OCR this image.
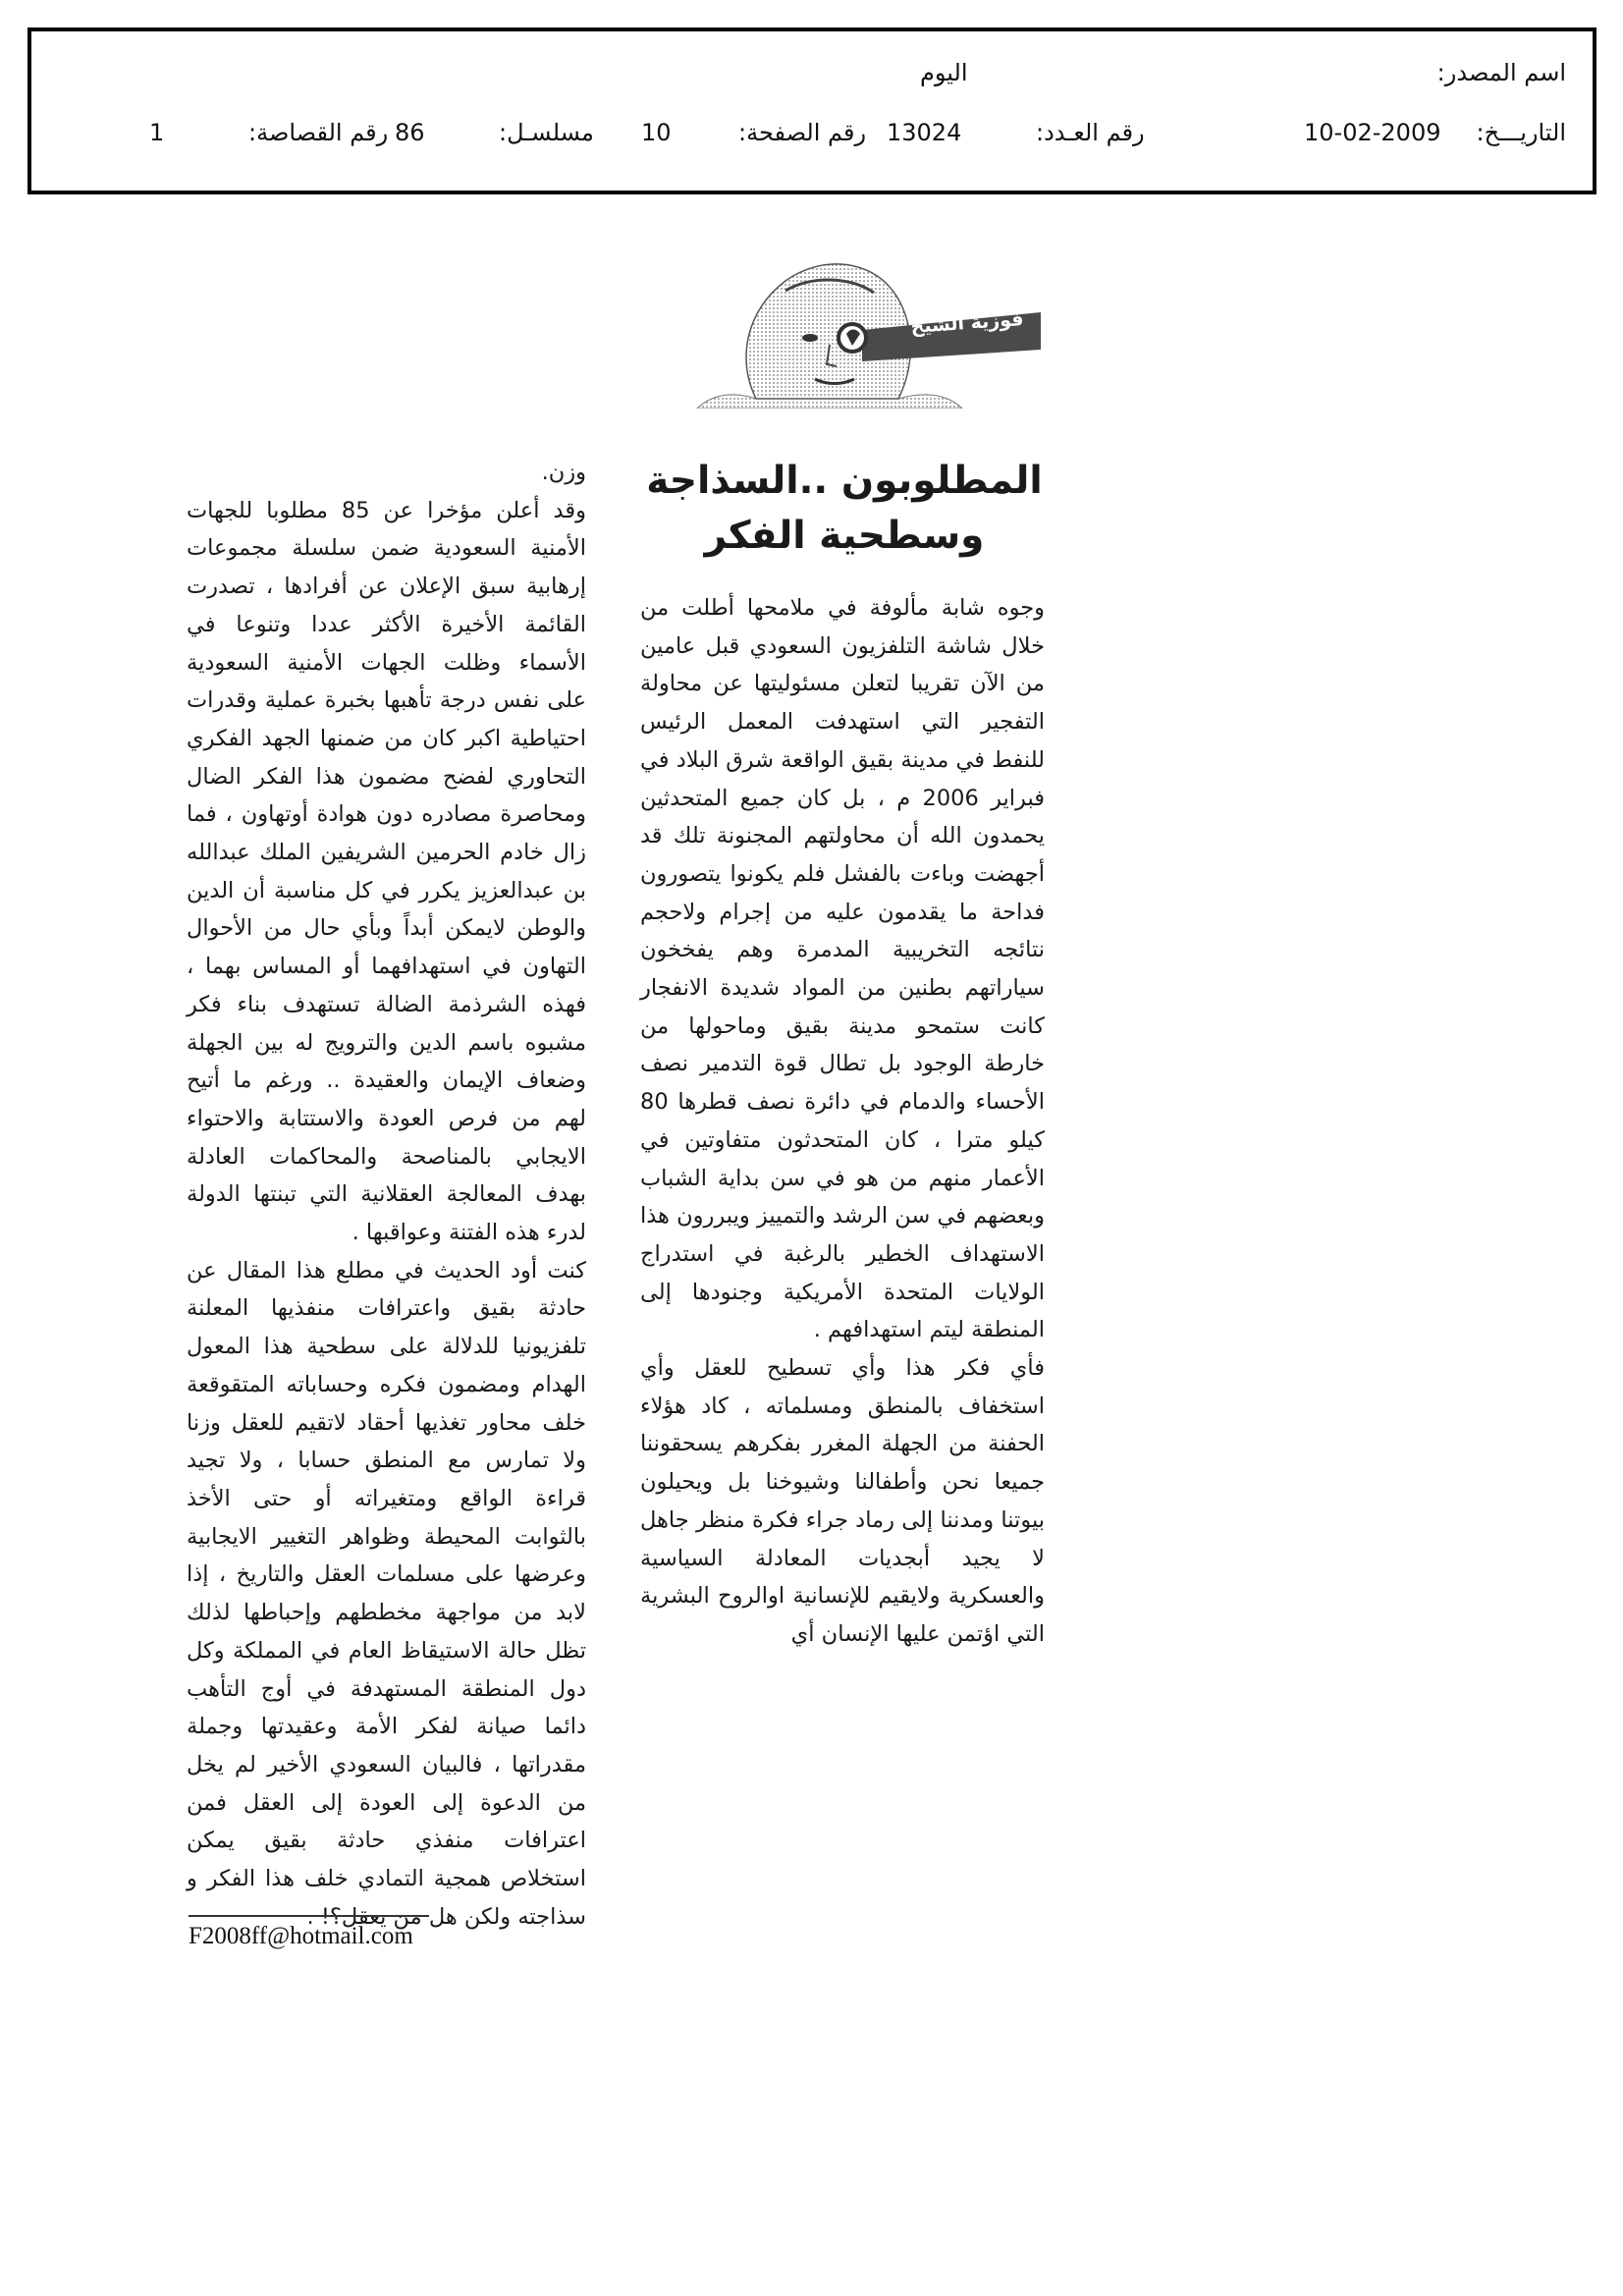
اسم المصدر:
اليوم
التاريـــخ:
10-02-2009
رقم العـدد:
13024
رقم الصفحة:
10
مسلسـل:
86
رقم القصاصة:
1
فوزية الشيخ
المطلوبون ..السذاجة
وسطحية الفكر

وجوه شابة مألوفة في ملامحها أطلت من خلال شاشة التلفزيون السعودي قبل عامين من الآن تقريبا لتعلن مسئوليتها عن محاولة التفجير التي استهدفت المعمل الرئيس للنفط في مدينة بقيق الواقعة شرق البلاد في فبراير 2006 م ، بل كان جميع المتحدثين يحمدون الله أن محاولتهم المجنونة تلك قد أجهضت وباءت بالفشل فلم يكونوا يتصورون فداحة ما يقدمون عليه من إجرام ولاحجم نتائجه التخريبية المدمرة وهم يفخخون سياراتهم بطنين من المواد شديدة الانفجار كانت ستمحو مدينة بقيق وماحولها من خارطة الوجود بل تطال قوة التدمير نصف الأحساء والدمام في دائرة نصف قطرها 80 كيلو مترا ، كان المتحدثون متفاوتين في الأعمار منهم من هو في سن بداية الشباب وبعضهم في سن الرشد والتمييز ويبررون هذا الاستهداف الخطير بالرغبة في استدراج الولايات المتحدة الأمريكية وجنودها إلى المنطقة ليتم استهدافهم .

فأي فكر هذا وأي تسطيح للعقل وأي استخفاف بالمنطق ومسلماته ، كاد هؤلاء الحفنة من الجهلة المغرر بفكرهم يسحقوننا جميعا نحن وأطفالنا وشيوخنا بل ويحيلون بيوتنا ومدننا إلى رماد جراء فكرة منظر جاهل لا يجيد أبجديات المعادلة السياسية والعسكرية ولايقيم للإنسانية اوالروح البشرية التي اؤتمن عليها الإنسان أي

وزن.

وقد أعلن مؤخرا عن 85 مطلوبا للجهات الأمنية السعودية ضمن سلسلة مجموعات إرهابية سبق الإعلان عن أفرادها ، تصدرت القائمة الأخيرة الأكثر عددا وتنوعا في الأسماء وظلت الجهات الأمنية السعودية على نفس درجة تأهبها بخبرة عملية وقدرات احتياطية اكبر كان من ضمنها الجهد الفكري التحاوري لفضح مضمون هذا الفكر الضال ومحاصرة مصادره دون هوادة أوتهاون ، فما زال خادم الحرمين الشريفين الملك عبدالله بن عبدالعزيز يكرر في كل مناسبة أن الدين والوطن لايمكن أبداً وبأي حال من الأحوال التهاون في استهدافهما أو المساس بهما ، فهذه الشرذمة الضالة تستهدف بناء فكر مشبوه باسم الدين والترويج له بين الجهلة وضعاف الإيمان والعقيدة .. ورغم ما أتيح لهم من فرص العودة والاستتابة والاحتواء الايجابي بالمناصحة والمحاكمات العادلة بهدف المعالجة العقلانية التي تبنتها الدولة لدرء هذه الفتنة وعواقبها .

كنت أود الحديث في مطلع هذا المقال عن حادثة بقيق واعترافات منفذيها المعلنة تلفزيونيا للدلالة على سطحية هذا المعول الهدام ومضمون فكره وحساباته المتقوقعة خلف محاور تغذيها أحقاد لاتقيم للعقل وزنا ولا تمارس مع المنطق حسابا ، ولا تجيد قراءة الواقع ومتغيراته أو حتى الأخذ بالثوابت المحيطة وظواهر التغيير الايجابية وعرضها على مسلمات العقل والتاريخ ، إذا لابد من مواجهة مخططهم وإحباطها لذلك تظل حالة الاستيقاظ العام في المملكة وكل دول المنطقة المستهدفة في أوج التأهب دائما صيانة لفكر الأمة وعقيدتها وجملة مقدراتها ، فالبيان السعودي الأخير لم يخل من الدعوة إلى العودة إلى العقل فمن اعترافات منفذي حادثة بقيق يمكن استخلاص همجية التمادي خلف هذا الفكر و سذاجته ولكن هل من يعقل؟! .

F2008ff@hotmail.com
